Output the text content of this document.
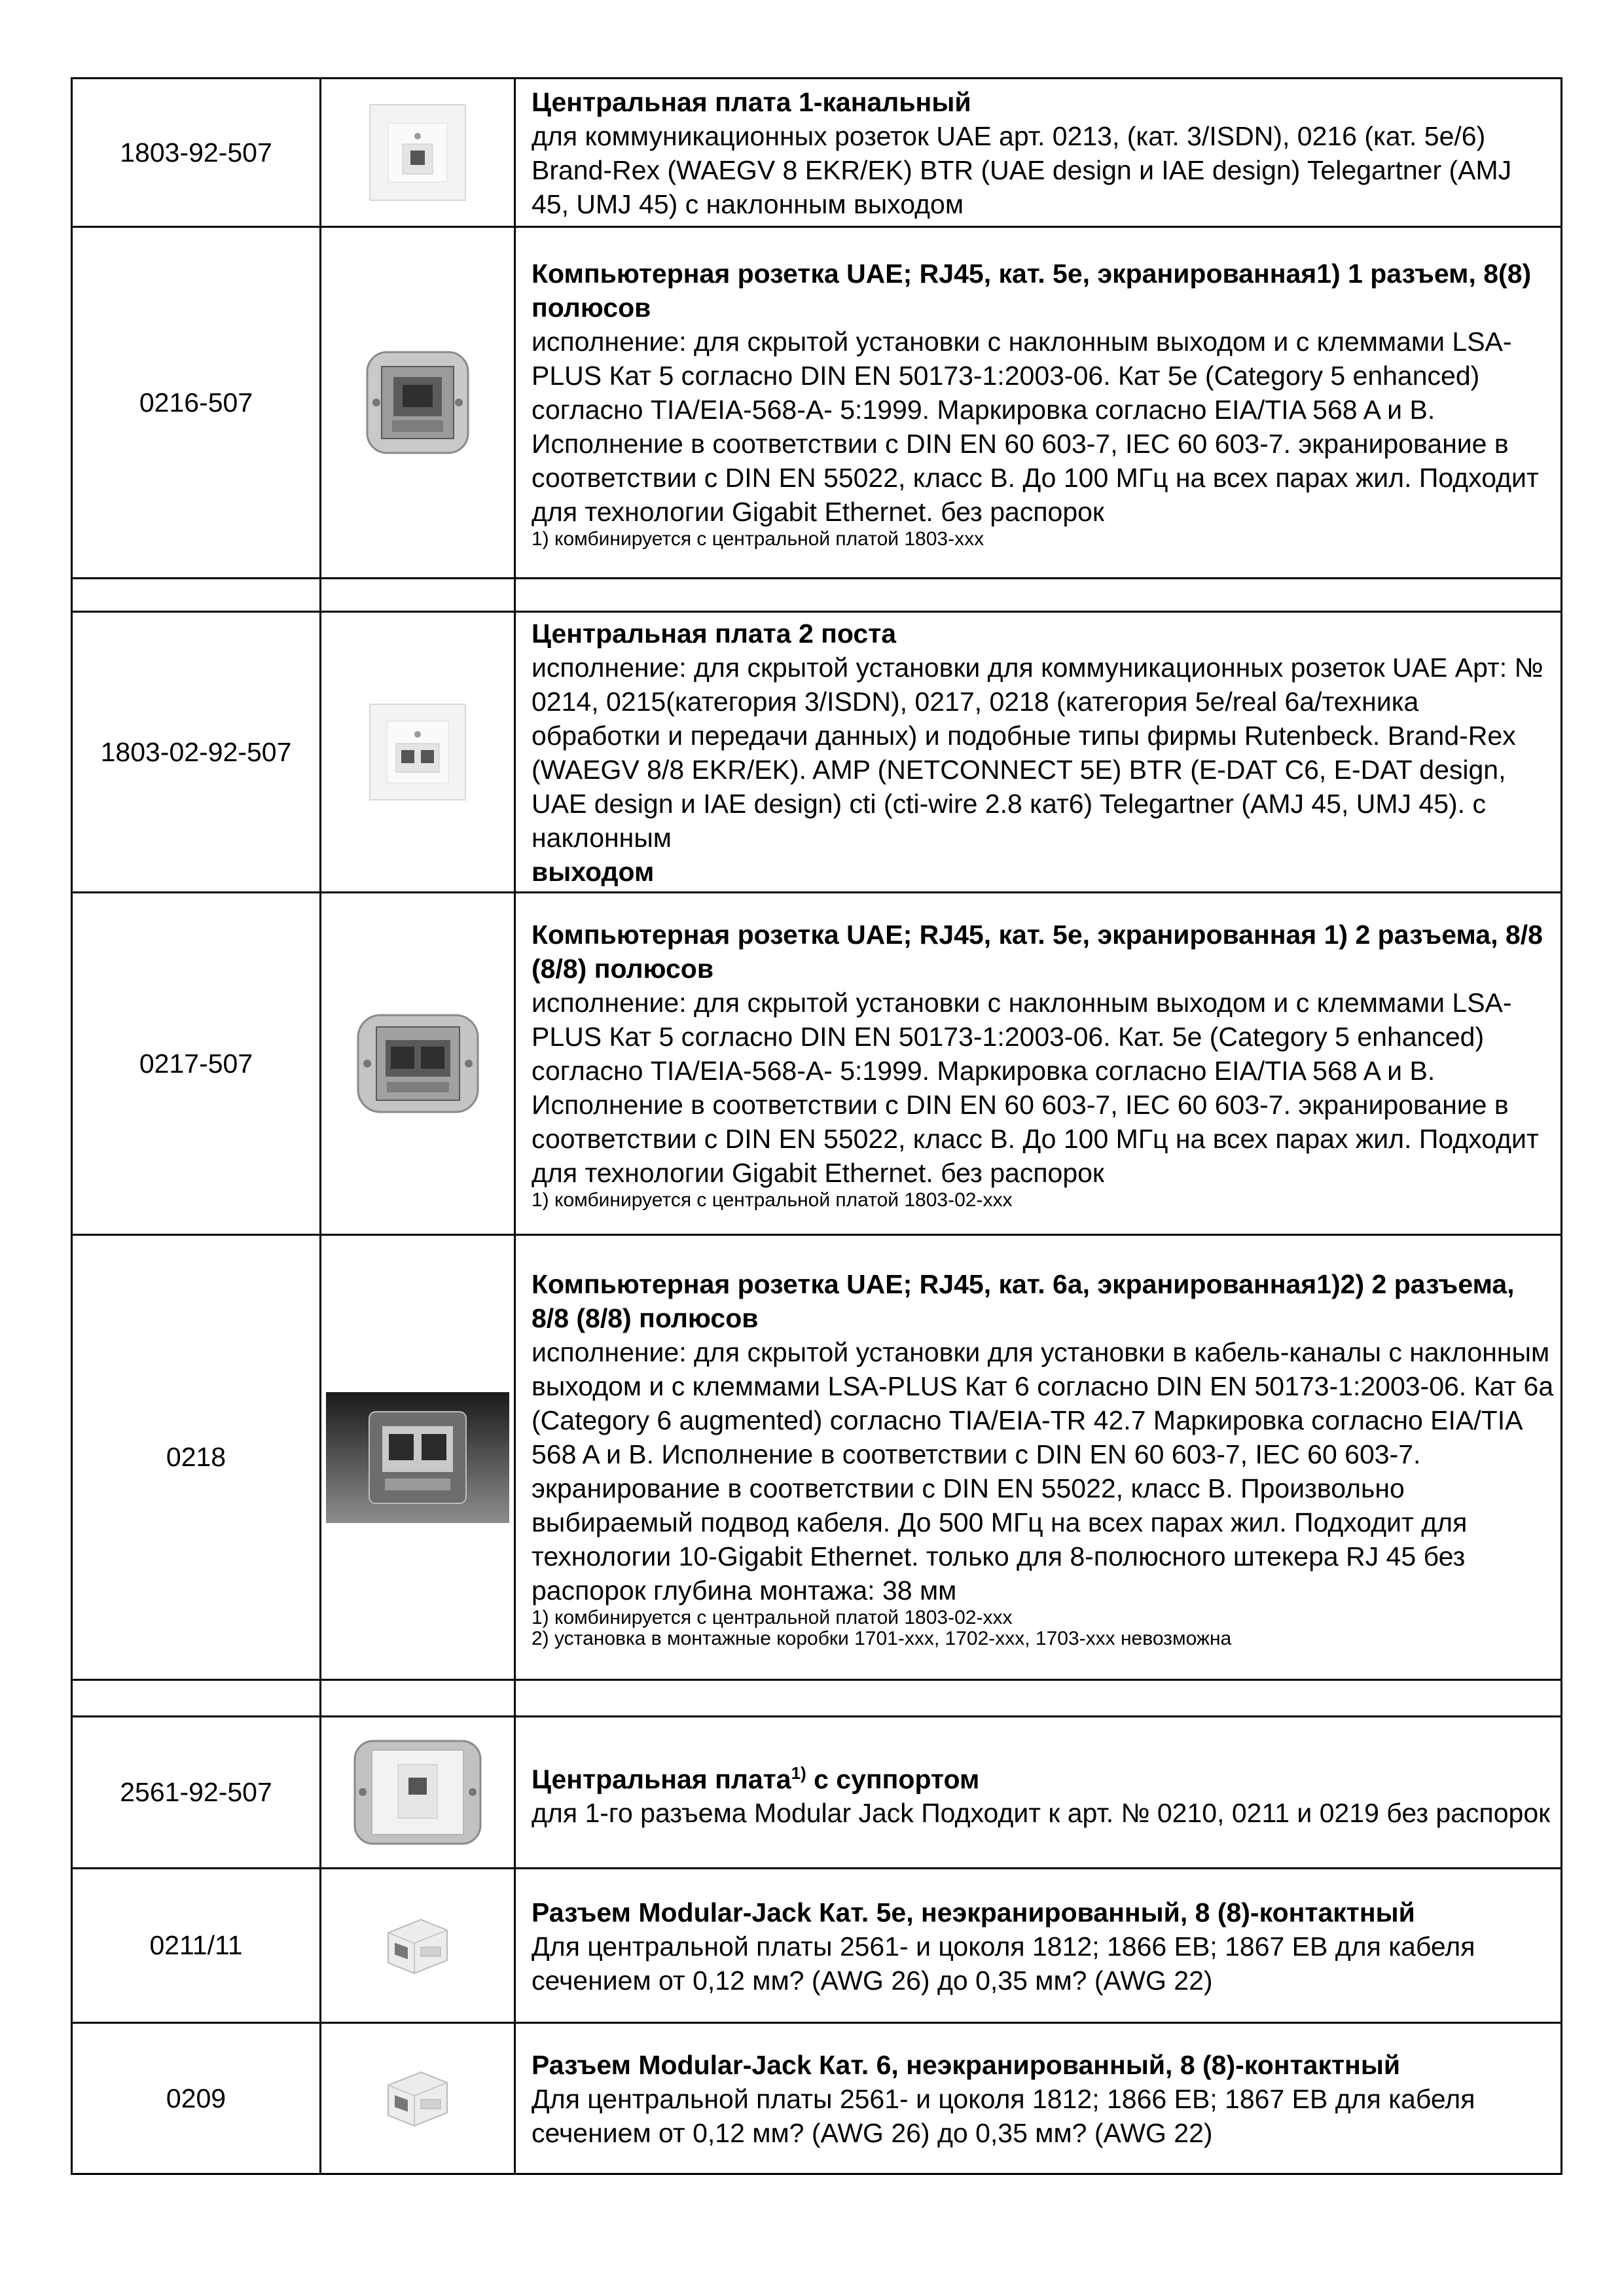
1803-92-507		Центральная плата 1-канальный
для коммуникационных розеток UAE арт. 0213, (кат. 3/ISDN), 0216 (кат. 5e/6) Brand-Rex (WAEGV 8 EKR/EK) BTR (UAE design и IAE design) Telegartner (AMJ 45, UMJ 45) с наклонным выходом

0216-507		Компьютерная розетка UAE; RJ45, кат. 5е, экранированная1) 1 разъем, 8(8) полюсов
исполнение: для скрытой установки с наклонным выходом и с клеммами LSA-PLUS Кат 5 согласно DIN EN 50173-1:2003-06. Кат 5е (Category 5 enhanced) согласно TIA/EIA-568-A- 5:1999. Маркировка согласно EIA/TIA 568 A и B. Исполнение в соответствии с DIN EN 60 603-7, IEC 60 603-7. экранирование в соответствии с DIN EN 55022, класс B. До 100 МГц на всех парах жил. Подходит для технологии Gigabit Ethernet. без распорок
1) комбинируется с центральной платой 1803-xxx

1803-02-92-507		Центральная плата 2 поста
исполнение: для скрытой установки для коммуникационных розеток UAE Арт: № 0214, 0215(категория 3/ISDN), 0217, 0218 (категория 5e/real 6a/техника обработки и передачи данных) и подобные типы фирмы Rutenbeck. Brand-Rex (WAEGV 8/8 EKR/EK). AMP (NETCONNECT 5E) BTR (E-DAT C6, E-DAT design, UAE design и IAE design) cti (cti-wire 2.8 кат6) Telegartner (AMJ 45, UMJ 45). с наклонным
выходом

0217-507		Компьютерная розетка UAE; RJ45, кат. 5е, экранированная 1) 2 разъема, 8/8 (8/8) полюсов
исполнение: для скрытой установки с наклонным выходом и с клеммами LSA-PLUS Кат 5 согласно DIN EN 50173-1:2003-06. Кат. 5е (Category 5 enhanced) согласно TIA/EIA-568-A- 5:1999. Маркировка согласно EIA/TIA 568 A и B. Исполнение в соответствии с DIN EN 60 603-7, IEC 60 603-7. экранирование в соответствии с DIN EN 55022, класс B. До 100 МГц на всех парах жил. Подходит для технологии Gigabit Ethernet. без распорок
1) комбинируется с центральной платой 1803-02-xxx

0218		Компьютерная розетка UAE; RJ45, кат. 6a, экранированная1)2) 2 разъема, 8/8 (8/8) полюсов
исполнение: для скрытой установки для установки в кабель-каналы с наклонным выходом и с клеммами LSA-PLUS Кат 6 согласно DIN EN 50173-1:2003-06. Кат 6a (Category 6 augmented) согласно TIA/EIA-TR 42.7 Маркировка согласно EIA/TIA 568 A и B. Исполнение в соответствии с DIN EN 60 603-7, IEC 60 603-7. экранирование в соответствии с DIN EN 55022, класс B. Произвольно выбираемый подвод кабеля. До 500 МГц на всех парах жил. Подходит для технологии 10-Gigabit Ethernet. только для 8-полюсного штекера RJ 45 без распорок глубина монтажа: 38 мм
1) комбинируется с центральной платой 1803-02-xxx
2) установка в монтажные коробки 1701-xxx, 1702-xxx, 1703-xxx невозможна

2561-92-507		Центральная плата$^{1)}$ с суппортом
для 1-го разъема Modular Jack Подходит к арт. № 0210, 0211 и 0219 без распорок

0211/11		Разъем Modular-Jack Кат. 5e, неэкранированный, 8 (8)-контактный
Для центральной платы 2561- и цоколя 1812; 1866 EB; 1867 EB для кабеля сечением от 0,12 мм? (AWG 26) до 0,35 мм? (AWG 22)

0209		Разъем Modular-Jack Кат. 6, неэкранированный, 8 (8)-контактный
Для центральной платы 2561- и цоколя 1812; 1866 EB; 1867 EB для кабеля сечением от 0,12 мм? (AWG 26) до 0,35 мм? (AWG 22)
